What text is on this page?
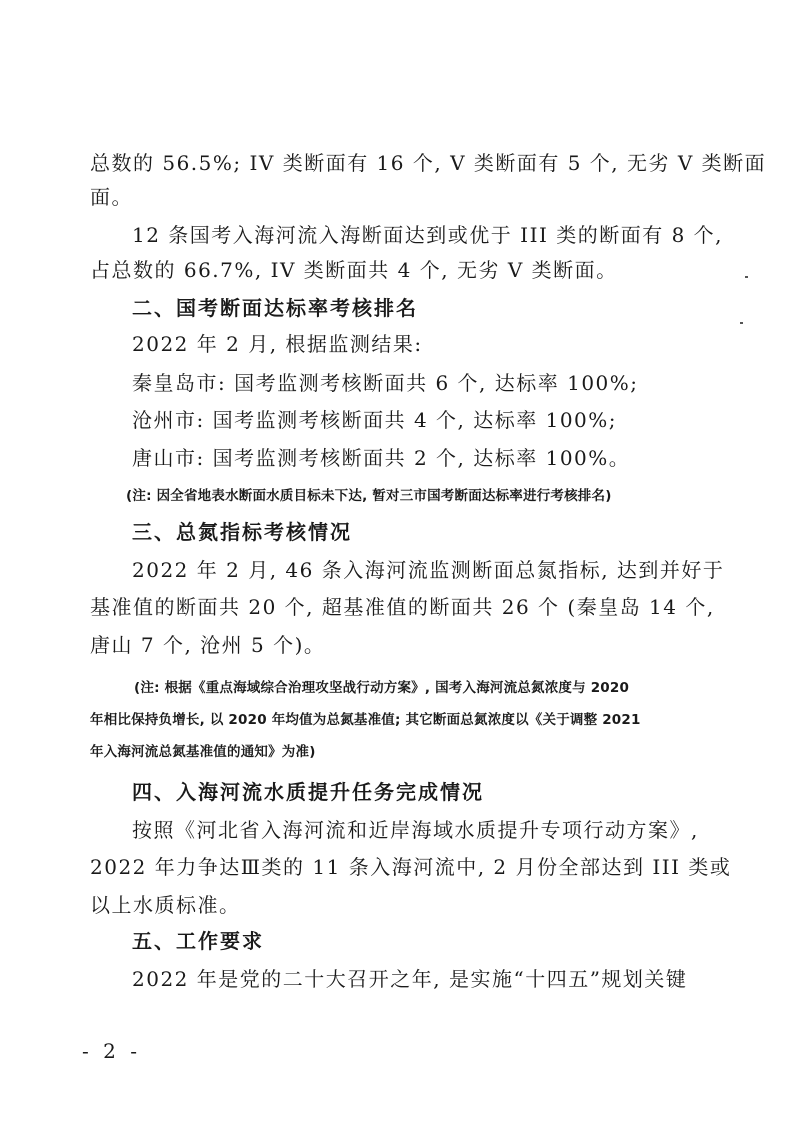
总数的 56.5%; IV 类断面有 16 个, V 类断面有 5 个, 无劣 V 类断面
面。
12 条国考入海河流入海断面达到或优于 III 类的断面有 8 个,
占总数的 66.7%, IV 类断面共 4 个, 无劣 V 类断面。
二、国考断面达标率考核排名
2022 年 2 月, 根据监测结果:
秦皇岛市: 国考监测考核断面共 6 个, 达标率 100%;
沧州市: 国考监测考核断面共 4 个, 达标率 100%;
唐山市: 国考监测考核断面共 2 个, 达标率 100%。
(注: 因全省地表水断面水质目标未下达, 暂对三市国考断面达标率进行考核排名)
三、总氮指标考核情况
2022 年 2 月, 46 条入海河流监测断面总氮指标, 达到并好于
基准值的断面共 20 个, 超基准值的断面共 26 个 (秦皇岛 14 个,
唐山 7 个, 沧州 5 个)。
(注: 根据《重点海域综合治理攻坚战行动方案》, 国考入海河流总氮浓度与 2020
年相比保持负增长, 以 2020 年均值为总氮基准值; 其它断面总氮浓度以《关于调整 2021
年入海河流总氮基准值的通知》为准)
四、入海河流水质提升任务完成情况
按照《河北省入海河流和近岸海域水质提升专项行动方案》,
2022 年力争达Ⅲ类的 11 条入海河流中, 2 月份全部达到 III 类或
以上水质标准。
五、工作要求
2022 年是党的二十大召开之年, 是实施“十四五”规划关键
- 2 -
